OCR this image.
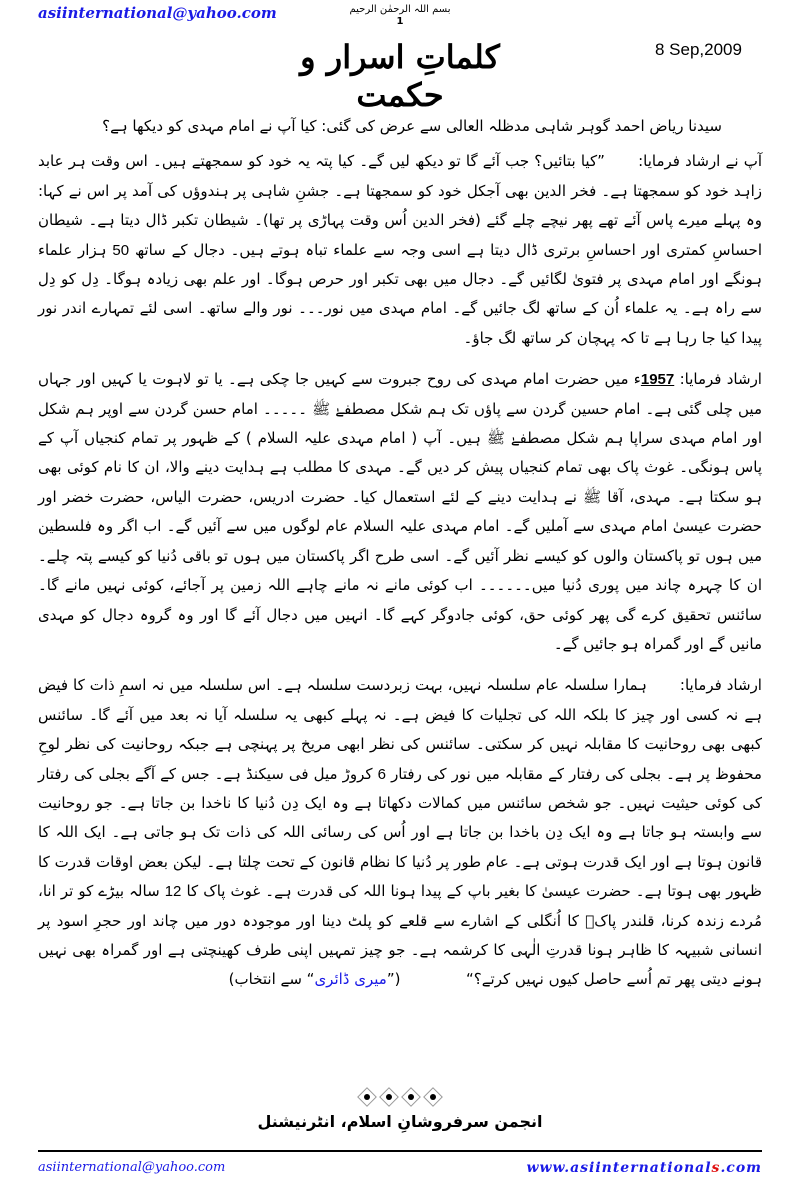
asiinternational@yahoo.com	بسم اللہ الرحمٰن الرحیم
1
کلماتِ اسرار و حکمت
8 Sep,2009

سیدنا ریاض احمد گوہر شاہی مدظلہ العالی سے عرض کی گئی: کیا آپ نے امام مہدی کو دیکھا ہے؟

آپ نے ارشاد فرمایا: ”کیا بتائیں؟ جب آئے گا تو دیکھ لیں گے۔ کیا پتہ یہ خود کو سمجھتے ہیں۔ اس وقت ہر عابد زاہد خود کو سمجھتا ہے۔ فخر الدین بھی آجکل خود کو سمجھتا ہے۔ جشنِ شاہی پر ہندوؤں کی آمد پر اس نے کہا: وہ پہلے میرے پاس آئے تھے پھر نیچے چلے گئے (فخر الدین اُس وقت پہاڑی پر تھا)۔ شیطان تکبر ڈال دیتا ہے۔ شیطان احساسِ کمتری اور احساسِ برتری ڈال دیتا ہے اسی وجہ سے علماء تباہ ہوتے ہیں۔ دجال کے ساتھ 50 ہزار علماء ہونگے اور امام مہدی پر فتویٰ لگائیں گے۔ دجال میں بھی تکبر اور حرص ہوگا۔ اور علم بھی زیادہ ہوگا۔ دِل کو دِل سے راہ ہے۔ یہ علماء اُن کے ساتھ لگ جائیں گے۔ امام مہدی میں نور۔۔۔ نور والے ساتھ۔ اسی لئے تمہارے اندر نور پیدا کیا جا رہا ہے تا کہ پہچان کر ساتھ لگ جاؤ۔

ارشاد فرمایا: 1957ء میں حضرت امام مہدی کی روح جبروت سے کہیں جا چکی ہے۔ یا تو لاہوت یا کہیں اور جہاں میں چلی گئی ہے۔ امام حسین گردن سے پاؤں تک ہم شکل مصطفےٰ ﷺ ۔۔۔۔۔ امام حسن گردن سے اوپر ہم شکل اور امام مہدی سراپا ہم شکل مصطفےٰ ﷺ ہیں۔ آپ ( امام مہدی علیہ السلام ) کے ظہور پر تمام کنجیاں آپ کے پاس ہونگی۔ غوث پاک بھی تمام کنجیاں پیش کر دیں گے۔ مہدی کا مطلب ہے ہدایت دینے والا، ان کا نام کوئی بھی ہو سکتا ہے۔ مہدی، آقا ﷺ نے ہدایت دینے کے لئے استعمال کیا۔ حضرت ادریس، حضرت الیاس، حضرت خضر اور حضرت عیسیٰ امام مہدی سے آملیں گے۔ امام مہدی علیہ السلام عام لوگوں میں سے آئیں گے۔ اب اگر وہ فلسطین میں ہوں تو پاکستان والوں کو کیسے نظر آئیں گے۔ اسی طرح اگر پاکستان میں ہوں تو باقی دُنیا کو کیسے پتہ چلے۔ ان کا چہرہ چاند میں پوری دُنیا میں۔۔۔۔۔۔ اب کوئی مانے نہ مانے چاہے اللہ زمین پر آجائے، کوئی نہیں مانے گا۔ سائنس تحقیق کرے گی پھر کوئی حق، کوئی جادوگر کہے گا۔ انہیں میں دجال آئے گا اور وہ گروہ دجال کو مہدی مانیں گے اور گمراہ ہو جائیں گے۔

ارشاد فرمایا: ہمارا سلسلہ عام سلسلہ نہیں، بہت زبردست سلسلہ ہے۔ اس سلسلہ میں نہ اسمِ ذات کا فیض ہے نہ کسی اور چیز کا بلکہ اللہ کی تجلیات کا فیض ہے۔ نہ پہلے کبھی یہ سلسلہ آیا نہ بعد میں آئے گا۔ سائنس کبھی بھی روحانیت کا مقابلہ نہیں کر سکتی۔ سائنس کی نظر ابھی مریخ پر پہنچی ہے جبکہ روحانیت کی نظر لوحِ محفوظ پر ہے۔ بجلی کی رفتار کے مقابلہ میں نور کی رفتار 6 کروڑ میل فی سیکنڈ ہے۔ جس کے آگے بجلی کی رفتار کی کوئی حیثیت نہیں۔ جو شخص سائنس میں کمالات دکھاتا ہے وہ ایک دِن دُنیا کا ناخدا بن جاتا ہے۔ جو روحانیت سے وابستہ ہو جاتا ہے وہ ایک دِن باخدا بن جاتا ہے اور اُس کی رسائی اللہ کی ذات تک ہو جاتی ہے۔ ایک اللہ کا قانون ہوتا ہے اور ایک قدرت ہوتی ہے۔ عام طور پر دُنیا کا نظام قانون کے تحت چلتا ہے۔ لیکن بعض اوقات قدرت کا ظہور بھی ہوتا ہے۔ حضرت عیسیٰ کا بغیر باپ کے پیدا ہونا اللہ کی قدرت ہے۔ غوث پاک کا 12 سالہ بیڑے کو تر انا، مُردے زندہ کرنا، قلندر پاکؒ کا اُنگلی کے اشارے سے قلعے کو پلٹ دینا اور موجودہ دور میں چاند اور حجرِ اسود پر انسانی شبیہہ کا ظاہر ہونا قدرتِ الٰہی کا کرشمہ ہے۔ جو چیز تمہیں اپنی طرف کھینچتی ہے اور گمراہ بھی نہیں ہونے دیتی پھر تم اُسے حاصل کیوں نہیں کرتے؟“  (”میری ڈائری“ سے انتخاب)

انجمن سرفروشانِ اسلام، انٹرنیشنل
asiinternational@yahoo.com	www.asiinternationals.com
